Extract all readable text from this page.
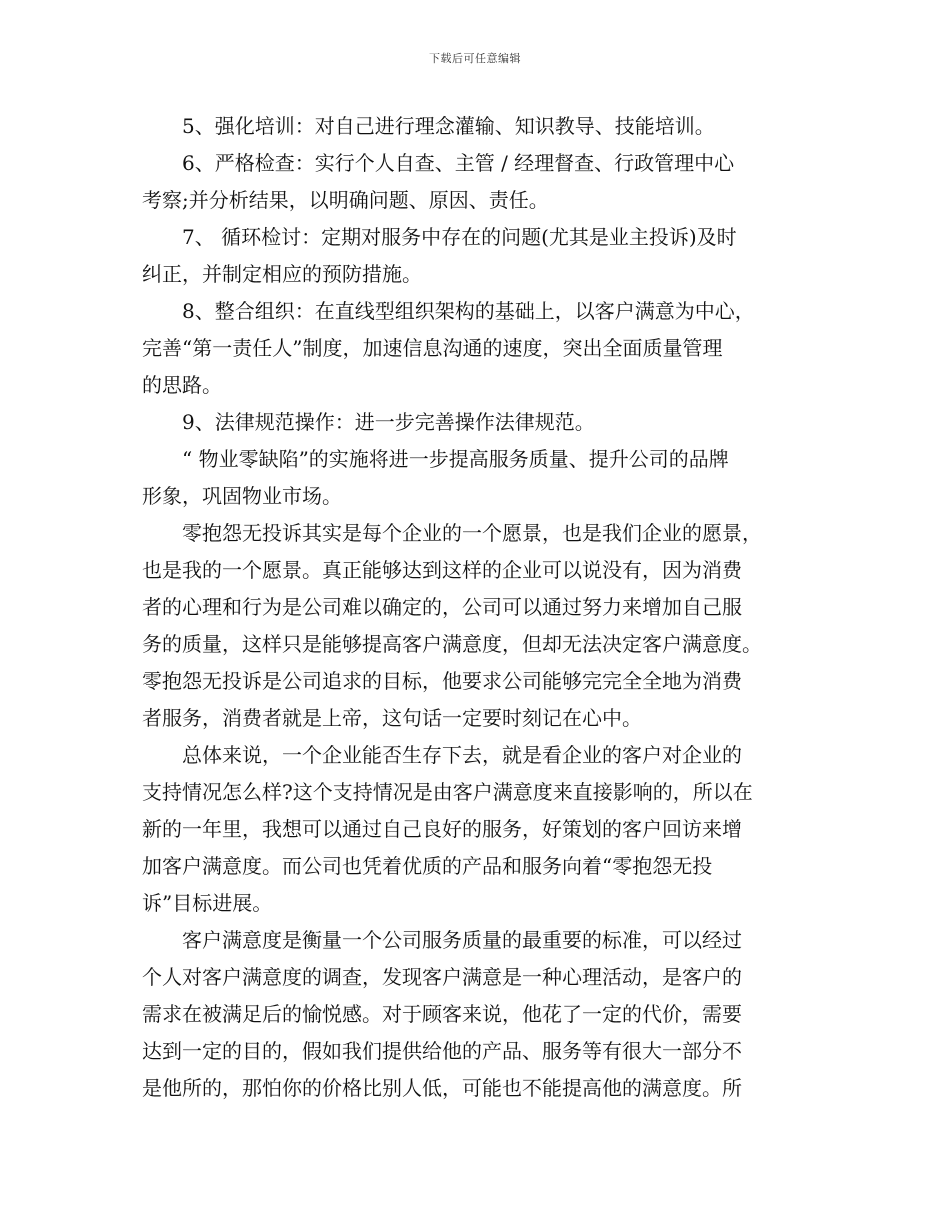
下载后可任意编辑

5、强化培训：对自己进行理念灌输、知识教导、技能培训。

6、严格检查：实行个人自查、主管 / 经理督查、行政管理中心
考察;并分析结果，以明确问题、原因、责任。

7、 循环检讨：定期对服务中存在的问题(尤其是业主投诉)及时
纠正，并制定相应的预防措施。

8、整合组织：在直线型组织架构的基础上，以客户满意为中心，
完善“第一责任人”制度，加速信息沟通的速度，突出全面质量管理
的思路。

9、法律规范操作：进一步完善操作法律规范。

“ 物业零缺陷”的实施将进一步提高服务质量、提升公司的品牌
形象，巩固物业市场。

零抱怨无投诉其实是每个企业的一个愿景，也是我们企业的愿景，
也是我的一个愿景。真正能够达到这样的企业可以说没有，因为消费
者的心理和行为是公司难以确定的，公司可以通过努力来增加自己服
务的质量，这样只是能够提高客户满意度，但却无法决定客户满意度。
零抱怨无投诉是公司追求的目标，他要求公司能够完完全全地为消费
者服务，消费者就是上帝，这句话一定要时刻记在心中。

总体来说，一个企业能否生存下去，就是看企业的客户对企业的
支持情况怎么样?这个支持情况是由客户满意度来直接影响的，所以在
新的一年里，我想可以通过自己良好的服务，好策划的客户回访来增
加客户满意度。而公司也凭着优质的产品和服务向着“零抱怨无投
诉”目标进展。

客户满意度是衡量一个公司服务质量的最重要的标准，可以经过
个人对客户满意度的调查，发现客户满意是一种心理活动，是客户的
需求在被满足后的愉悦感。对于顾客来说，他花了一定的代价，需要
达到一定的目的，假如我们提供给他的产品、服务等有很大一部分不
是他所的，那怕你的价格比别人低，可能也不能提高他的满意度。所
